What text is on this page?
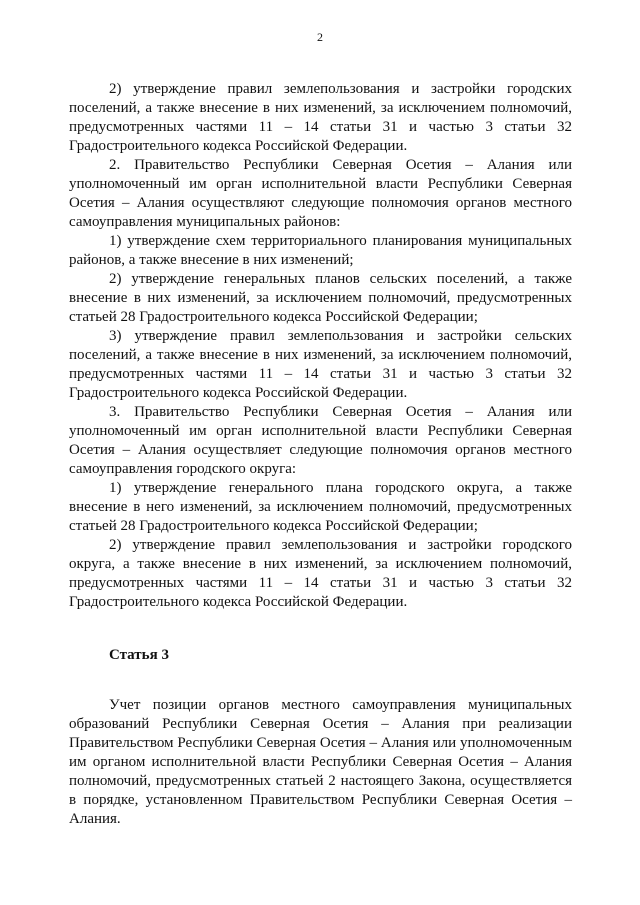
2

2) утверждение правил землепользования и застройки городских поселений, а также внесение в них изменений, за исключением полномочий, предусмотренных частями 11 – 14 статьи 31 и частью 3 статьи 32 Градостроительного кодекса Российской Федерации.

2. Правительство Республики Северная Осетия – Алания или уполномоченный им орган исполнительной власти Республики Северная Осетия – Алания осуществляют следующие полномочия органов местного самоуправления муниципальных районов:

1) утверждение схем территориального планирования муниципальных районов, а также внесение в них изменений;

2) утверждение генеральных планов сельских поселений, а также внесение в них изменений, за исключением полномочий, предусмотренных статьей 28 Градостроительного кодекса Российской Федерации;

3) утверждение правил землепользования и застройки сельских поселений, а также внесение в них изменений, за исключением полномочий, предусмотренных частями 11 – 14 статьи 31 и частью 3 статьи 32 Градостроительного кодекса Российской Федерации.

3. Правительство Республики Северная Осетия – Алания или уполномоченный им орган исполнительной власти Республики Северная Осетия – Алания осуществляет следующие полномочия органов местного самоуправления городского округа:

1) утверждение генерального плана городского округа, а также внесение в него изменений, за исключением полномочий, предусмотренных статьей 28 Градостроительного кодекса Российской Федерации;

2) утверждение правил землепользования и застройки городского округа, а также внесение в них изменений, за исключением полномочий, предусмотренных частями 11 – 14 статьи 31 и частью 3 статьи 32 Градостроительного кодекса Российской Федерации.

Статья 3

Учет позиции органов местного самоуправления муниципальных образований Республики Северная Осетия – Алания при реализации Правительством Республики Северная Осетия – Алания или уполномоченным им органом исполнительной власти Республики Северная Осетия – Алания полномочий, предусмотренных статьей 2 настоящего Закона, осуществляется в порядке, установленном Правительством Республики Северная Осетия – Алания.
